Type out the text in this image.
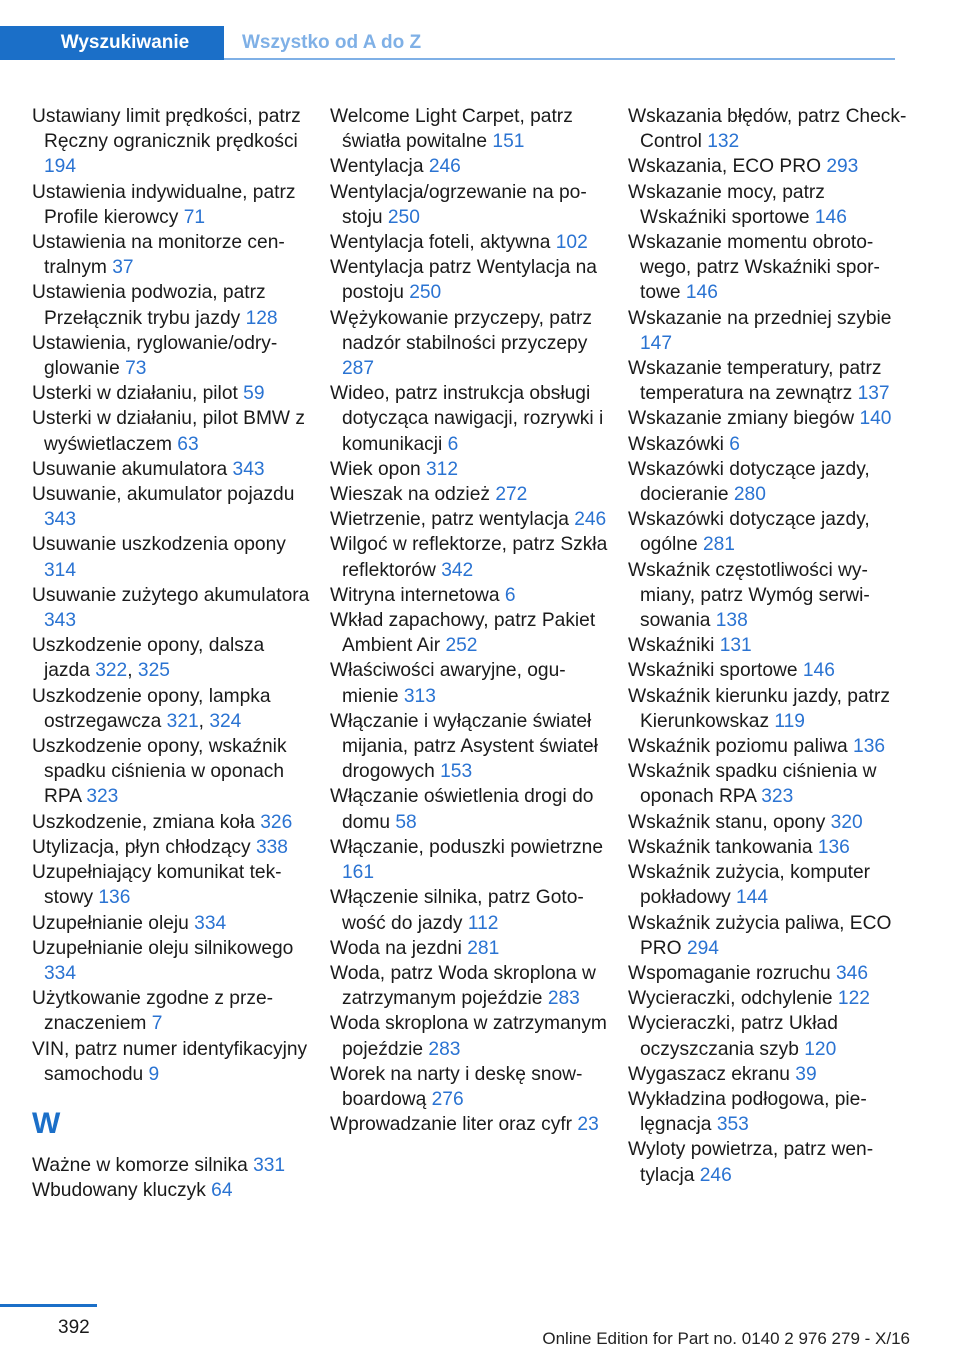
Wyszukiwanie	Wszystko od A do Z
Ustawiany limit prędkości, patrz Ręczny ogranicznik prędkości 194
Ustawienia indywidualne, patrz Profile kierowcy 71
Ustawienia na monitorze centralnym 37
Ustawienia podwozia, patrz Przełącznik trybu jazdy 128
Ustawienia, ryglowanie/odryglowanie 73
Usterki w działaniu, pilot 59
Usterki w działaniu, pilot BMW z wyświetlaczem 63
Usuwanie akumulatora 343
Usuwanie, akumulator pojazdu 343
Usuwanie uszkodzenia opony 314
Usuwanie zużytego akumulatora 343
Uszkodzenie opony, dalsza jazda 322, 325
Uszkodzenie opony, lampka ostrzegawcza 321, 324
Uszkodzenie opony, wskaźnik spadku ciśnienia w oponach RPA 323
Uszkodzenie, zmiana koła 326
Utylizacja, płyn chłodzący 338
Uzupełniający komunikat tekstowy 136
Uzupełnianie oleju 334
Uzupełnianie oleju silnikowego 334
Użytkowanie zgodne z przeznaczeniem 7
VIN, patrz numer identyfikacyjny samochodu 9
W
Ważne w komorze silnika 331
Wbudowany kluczyk 64
Welcome Light Carpet, patrz światła powitalne 151
Wentylacja 246
Wentylacja/ogrzewanie na postoju 250
Wentylacja foteli, aktywna 102
Wentylacja patrz Wentylacja na postoju 250
Wężykowanie przyczepy, patrz nadzór stabilności przyczepy 287
Wideo, patrz instrukcja obsługi dotycząca nawigacji, rozrywki i komunikacji 6
Wiek opon 312
Wieszak na odzież 272
Wietrzenie, patrz wentylacja 246
Wilgoć w reflektorze, patrz Szkła reflektorów 342
Witryna internetowa 6
Wkład zapachowy, patrz Pakiet Ambient Air 252
Właściwości awaryjne, ogumienie 313
Włączanie i wyłączanie świateł mijania, patrz Asystent świateł drogowych 153
Włączanie oświetlenia drogi do domu 58
Włączanie, poduszki powietrzne 161
Włączenie silnika, patrz Gotowość do jazdy 112
Woda na jezdni 281
Woda, patrz Woda skroplona w zatrzymanym pojeździe 283
Woda skroplona w zatrzymanym pojeździe 283
Worek na narty i deskę snowboardową 276
Wprowadzanie liter oraz cyfr 23
Wskazania błędów, patrz Check-Control 132
Wskazania, ECO PRO 293
Wskazanie mocy, patrz Wskaźniki sportowe 146
Wskazanie momentu obrotowego, patrz Wskaźniki sportowe 146
Wskazanie na przedniej szybie 147
Wskazanie temperatury, patrz temperatura na zewnątrz 137
Wskazanie zmiany biegów 140
Wskazówki 6
Wskazówki dotyczące jazdy, docieranie 280
Wskazówki dotyczące jazdy, ogólne 281
Wskaźnik częstotliwości wymiany, patrz Wymóg serwisowania 138
Wskaźniki 131
Wskaźniki sportowe 146
Wskaźnik kierunku jazdy, patrz Kierunkowskaz 119
Wskaźnik poziomu paliwa 136
Wskaźnik spadku ciśnienia w oponach RPA 323
Wskaźnik stanu, opony 320
Wskaźnik tankowania 136
Wskaźnik zużycia, komputer pokładowy 144
Wskaźnik zużycia paliwa, ECO PRO 294
Wspomaganie rozruchu 346
Wycieraczki, odchylenie 122
Wycieraczki, patrz Układ oczyszczania szyb 120
Wygaszacz ekranu 39
Wykładzina podłogowa, pielęgnacja 353
Wyloty powietrza, patrz wentylacja 246
392
Online Edition for Part no. 0140 2 976 279 - X/16
